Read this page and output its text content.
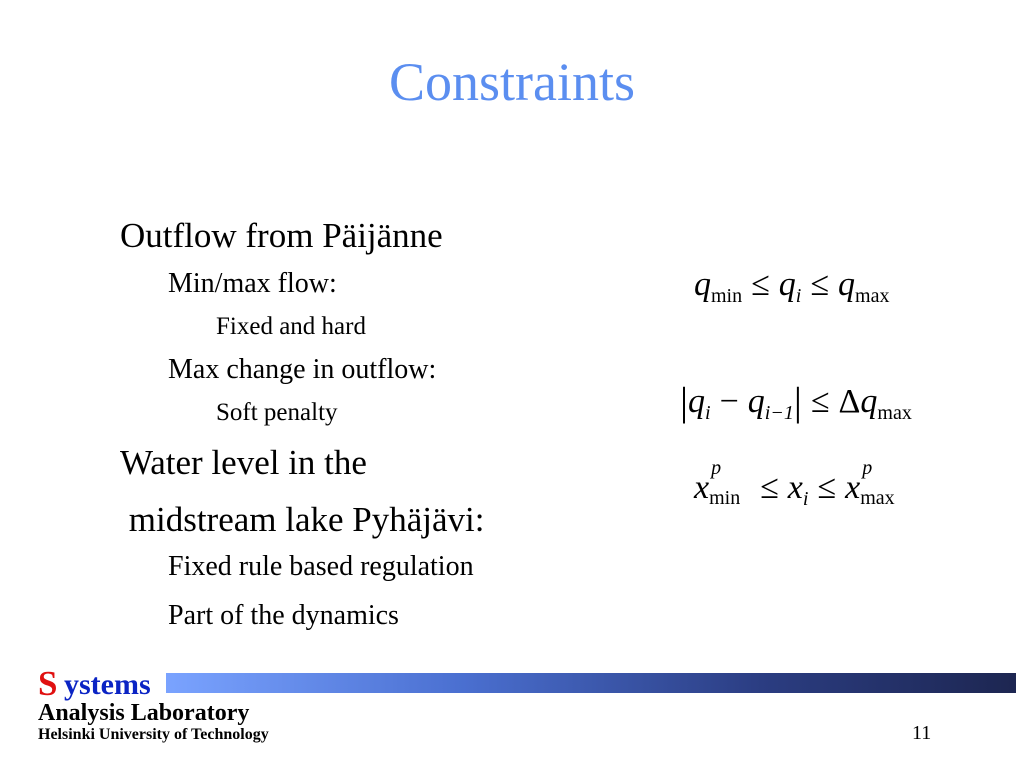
Constraints
Outflow from Päijänne
Min/max flow:
Fixed and hard
Max change in outflow:
Soft penalty
Water level in the
midstream lake Pyhäjävi:
Fixed rule based regulation
Part of the dynamics
$q_{min} \le q_i \le q_{max}$
$|q_i - q_{i-1}| \le \Delta q_{max}$
x
p
$\min \le x_i \le x$
p
max
S ystems
Analysis Laboratory
Helsinki University of Technology	11
